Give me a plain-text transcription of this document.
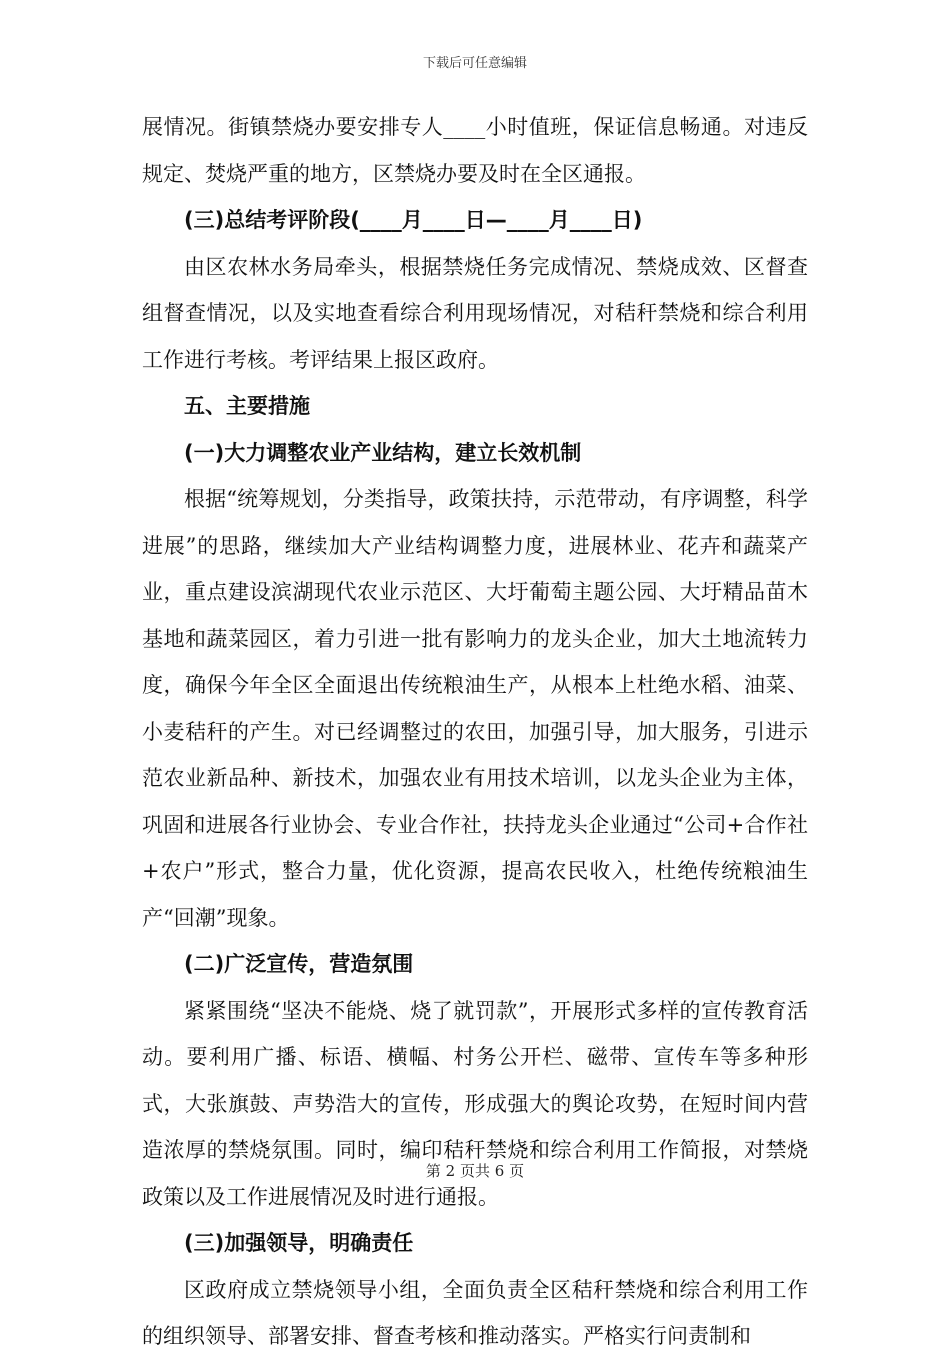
下载后可任意编辑

展情况。街镇禁烧办要安排专人____小时值班，保证信息畅通。对违反规定、焚烧严重的地方，区禁烧办要及时在全区通报。

(三)总结考评阶段(____月____日—____月____日)

由区农林水务局牵头，根据禁烧任务完成情况、禁烧成效、区督查组督查情况，以及实地查看综合利用现场情况，对秸秆禁烧和综合利用工作进行考核。考评结果上报区政府。

五、主要措施

(一)大力调整农业产业结构，建立长效机制

根据“统筹规划，分类指导，政策扶持，示范带动，有序调整，科学进展”的思路，继续加大产业结构调整力度，进展林业、花卉和蔬菜产业，重点建设滨湖现代农业示范区、大圩葡萄主题公园、大圩精品苗木基地和蔬菜园区，着力引进一批有影响力的龙头企业，加大土地流转力度，确保今年全区全面退出传统粮油生产，从根本上杜绝水稻、油菜、小麦秸秆的产生。对已经调整过的农田，加强引导，加大服务，引进示范农业新品种、新技术，加强农业有用技术培训，以龙头企业为主体，巩固和进展各行业协会、专业合作社，扶持龙头企业通过“公司+合作社+农户”形式，整合力量，优化资源，提高农民收入，杜绝传统粮油生产“回潮”现象。

(二)广泛宣传，营造氛围

紧紧围绕“坚决不能烧、烧了就罚款”，开展形式多样的宣传教育活动。要利用广播、标语、横幅、村务公开栏、磁带、宣传车等多种形式，大张旗鼓、声势浩大的宣传，形成强大的舆论攻势，在短时间内营造浓厚的禁烧氛围。同时，编印秸秆禁烧和综合利用工作简报，对禁烧政策以及工作进展情况及时进行通报。

(三)加强领导，明确责任

区政府成立禁烧领导小组，全面负责全区秸秆禁烧和综合利用工作的组织领导、部署安排、督查考核和推动落实。严格实行问责制和

第 2 页共 6 页
